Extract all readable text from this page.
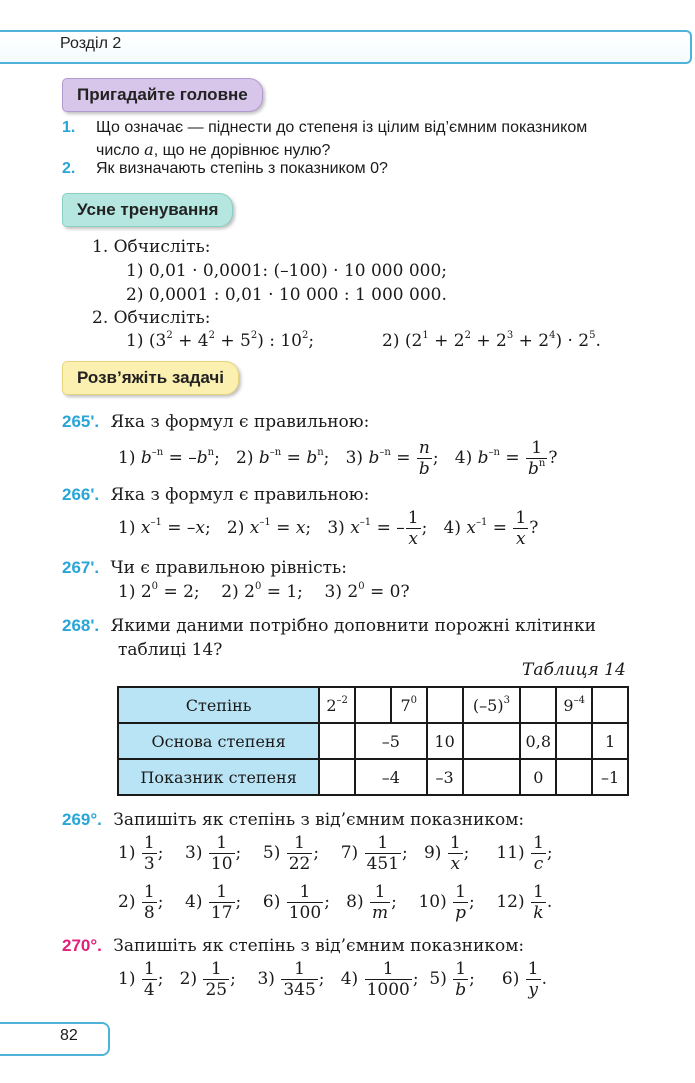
Розділ 2
Пригадайте головне
1. Що означає — піднести до степеня із цілим від’ємним показником
число a, що не дорівнює нулю?
2. Як визначають степінь з показником 0?
Усне тренування
1. Обчисліть:
1) 0,01 · 0,0001: (–100) · 10 000 000;
2) 0,0001 : 0,01 · 10 000 : 1 000 000.
2. Обчисліть:
1) $(3^2 + 4^2 + 5^2)$ : $10^2$;	2) $(2^1 + 2^2 + 2^3 + 2^4) \cdot 2^5$.
Розв’яжіть задачі
265'. Яка з формул є правильною:
1) $b^{-n} = -b^n$;   2) $b^{-n} = b^n$;   3) $b^{-n} = \frac{n}{b}$ ;   4) $b^{-n} = \frac{1}{b^n}$ ?
266'. Яка з формул є правильною:
1) $x^{-1} = -x$;   2) $x^{-1} = x$;   3) $x^{-1}$ = – $\frac{1}{x}$ ;   4) $x^{-1} = \frac{1}{x}$ ?
267'. Чи є правильною рівність:
1) $2^0 = 2$;    2) $2^0 = 1$;    3) $2^0 = 0$?
268'. Якими даними потрібно доповнити порожні клітинки
таблиці 14?
Таблиця 14
Степінь	$2^{-2}$		$7^0$		$(-5)^3$		$9^{-4}$	
Основа степеня		–5		10		0,8		1
Показник степеня		–4		–3		0		–1
269°. Запишіть як степінь з від’ємним показником:
$1) \frac{1}{3}$ ;    $3) \frac{1}{10}$ ;    $5) \frac{1}{22}$ ;    $7) \frac{1}{451}$ ;   $9) \frac{1}{x}$ ;     $11) \frac{1}{c}$ ;
$2) \frac{1}{8}$ ;    $4) \frac{1}{17}$ ;    $6) \frac{1}{100}$ ;   $8) \frac{1}{m}$ ;    $10) \frac{1}{p}$ ;    $12) \frac{1}{k}$ .
270°. Запишіть як степінь з від’ємним показником:
$1) \frac{1}{4}$ ;   $2) \frac{1}{25}$ ;    $3) \frac{1}{345}$ ;   $4) \frac{1}{1000}$ ;  $5) \frac{1}{b}$ ;     $6) \frac{1}{y}$ .
82
